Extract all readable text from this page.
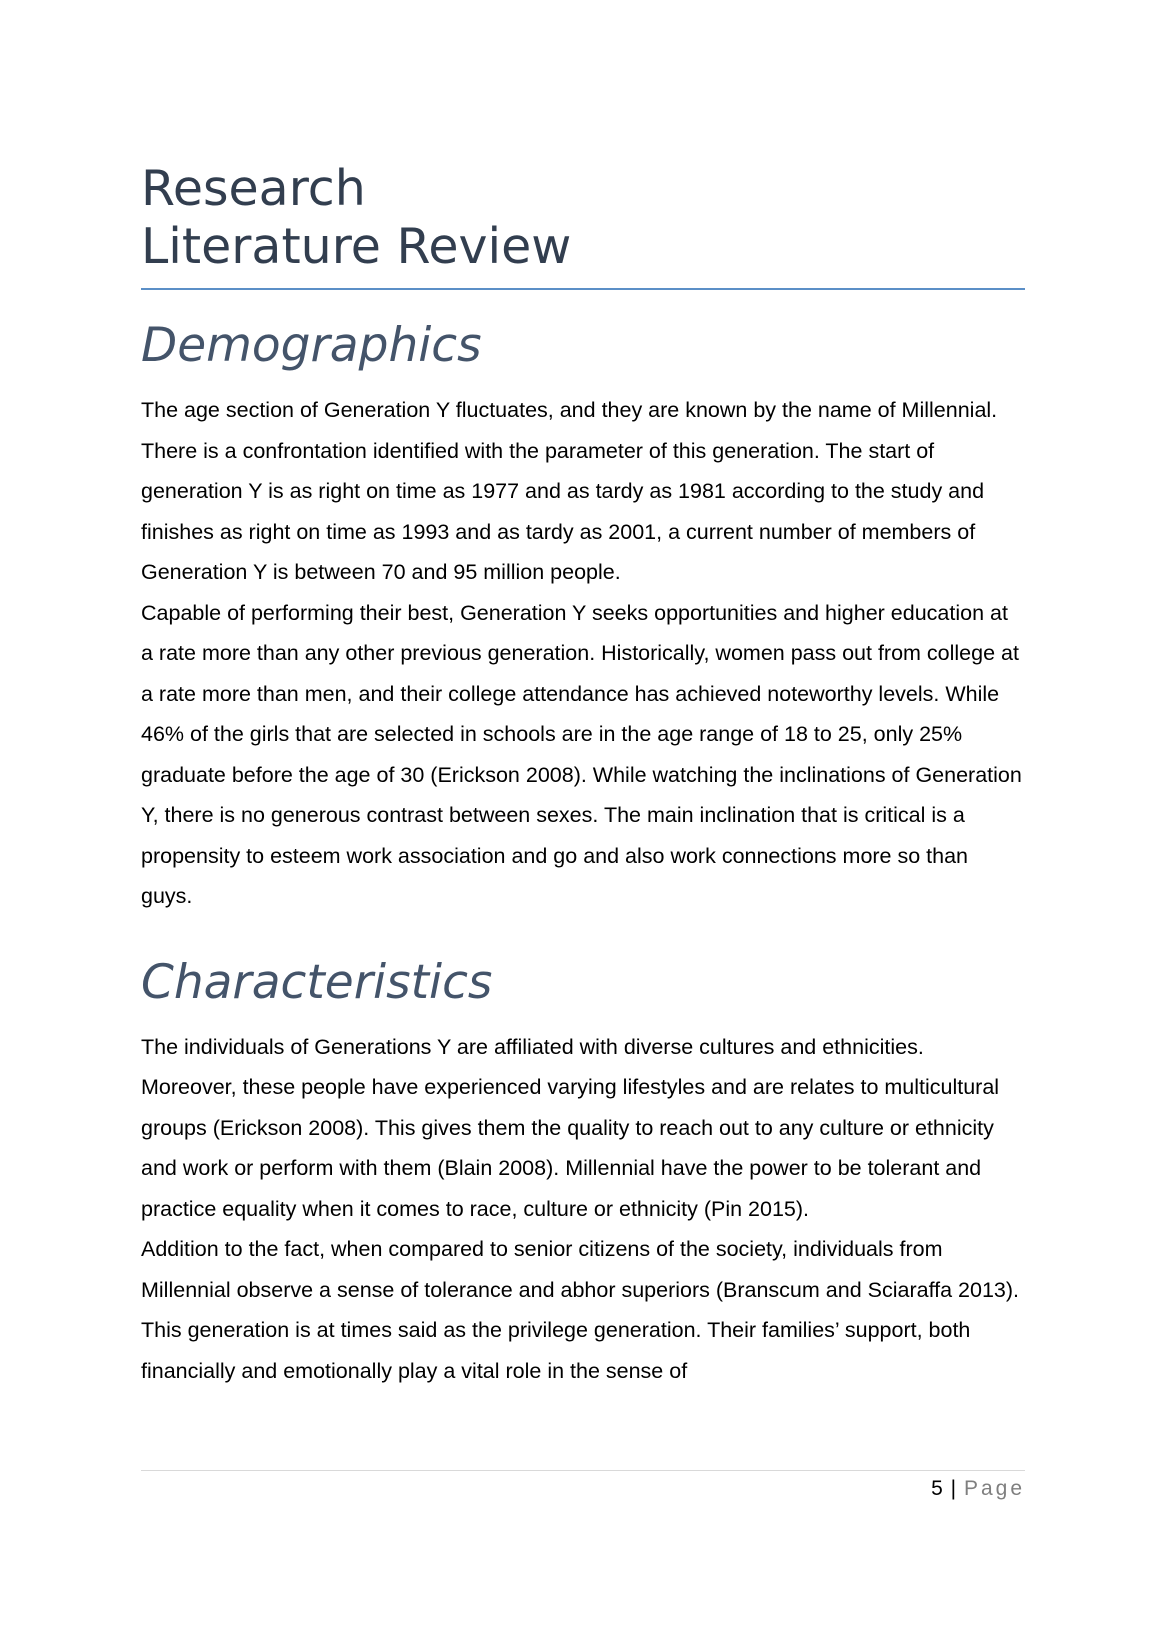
Research
Literature Review
Demographics

The age section of Generation Y fluctuates, and they are known by the name of Millennial. There is a confrontation identified with the parameter of this generation. The start of generation Y is as right on time as 1977 and as tardy as 1981 according to the study and finishes as right on time as 1993 and as tardy as 2001, a current number of members of Generation Y is between 70 and 95 million people.

Capable of performing their best, Generation Y seeks opportunities and higher education at a rate more than any other previous generation. Historically, women pass out from college at a rate more than men, and their college attendance has achieved noteworthy levels. While 46% of the girls that are selected in schools are in the age range of 18 to 25, only 25% graduate before the age of 30 (Erickson 2008). While watching the inclinations of Generation Y, there is no generous contrast between sexes. The main inclination that is critical is a propensity to esteem work association and go and also work connections more so than guys.

Characteristics

The individuals of Generations Y are affiliated with diverse cultures and ethnicities. Moreover, these people have experienced varying lifestyles and are relates to multicultural groups (Erickson 2008). This gives them the quality to reach out to any culture or ethnicity and work or perform with them (Blain 2008). Millennial have the power to be tolerant and practice equality when it comes to race, culture or ethnicity (Pin 2015).

Addition to the fact, when compared to senior citizens of the society, individuals from Millennial observe a sense of tolerance and abhor superiors (Branscum and Sciaraffa 2013). This generation is at times said as the privilege generation. Their families’ support, both financially and emotionally play a vital role in the sense of

5 | Page
